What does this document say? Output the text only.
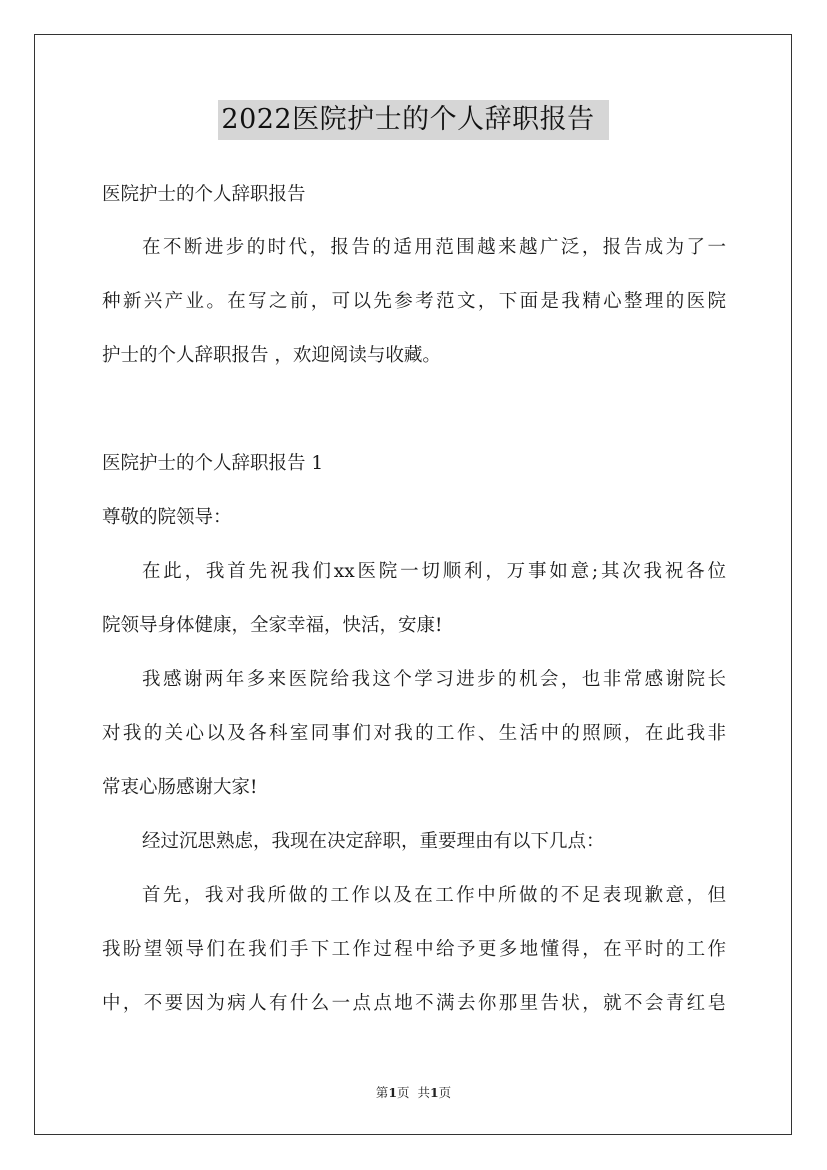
2022医院护士的个人辞职报告
医院护士的个人辞职报告
在不断进步的时代，报告的适用范围越来越广泛，报告成为了一
种新兴产业。在写之前，可以先参考范文，下面是我精心整理的医院
护士的个人辞职报告 ，欢迎阅读与收藏。
医院护士的个人辞职报告 1
尊敬的院领导：
在此，我首先祝我们xx医院一切顺利，万事如意;其次我祝各位
院领导身体健康，全家幸福，快活，安康!
我感谢两年多来医院给我这个学习进步的机会，也非常感谢院长
对我的关心以及各科室同事们对我的工作、生活中的照顾，在此我非
常衷心肠感谢大家!
经过沉思熟虑，我现在决定辞职，重要理由有以下几点：
首先，我对我所做的工作以及在工作中所做的不足表现歉意，但
我盼望领导们在我们手下工作过程中给予更多地懂得，在平时的工作
中，不要因为病人有什么一点点地不满去你那里告状，就不会青红皂
第1页  共1页
